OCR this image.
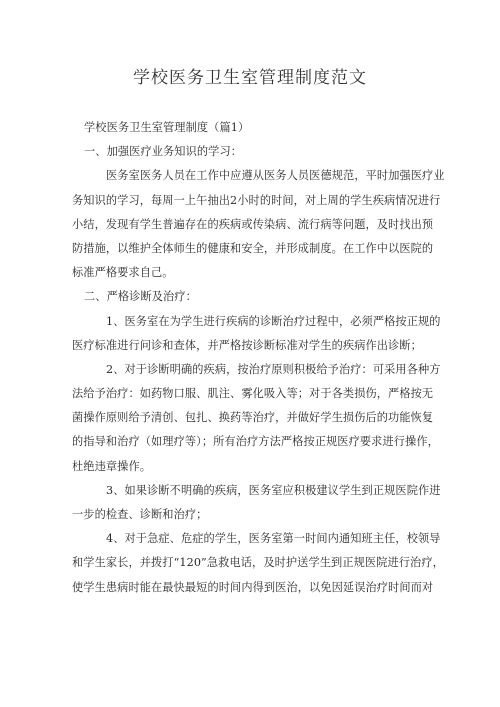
学校医务卫生室管理制度范文
学校医务卫生室管理制度（篇1）
一、加强医疗业务知识的学习：
医务室医务人员在工作中应遵从医务人员医德规范，平时加强医疗业
务知识的学习，每周一上午抽出2小时的时间，对上周的学生疾病情况进行
小结，发现有学生普遍存在的疾病或传染病、流行病等问题，及时找出预
防措施，以维护全体师生的健康和安全，并形成制度。在工作中以医院的
标准严格要求自己。
二、严格诊断及治疗：
1、医务室在为学生进行疾病的诊断治疗过程中，必须严格按正规的
医疗标准进行问诊和查体，并严格按诊断标准对学生的疾病作出诊断；
2、对于诊断明确的疾病，按治疗原则积极给予治疗：可采用各种方
法给予治疗：如药物口服、肌注、雾化吸入等；对于各类损伤，严格按无
菌操作原则给予清创、包扎、换药等治疗，并做好学生损伤后的功能恢复
的指导和治疗（如理疗等）；所有治疗方法严格按正规医疗要求进行操作，
杜绝违章操作。
3、如果诊断不明确的疾病，医务室应积极建议学生到正规医院作进
一步的检查、诊断和治疗；
4、对于急症、危症的学生，医务室第一时间内通知班主任，校领导
和学生家长，并拨打“120”急救电话，及时护送学生到正规医院进行治疗，
使学生患病时能在最快最短的时间内得到医治，以免因延误治疗时间而对
